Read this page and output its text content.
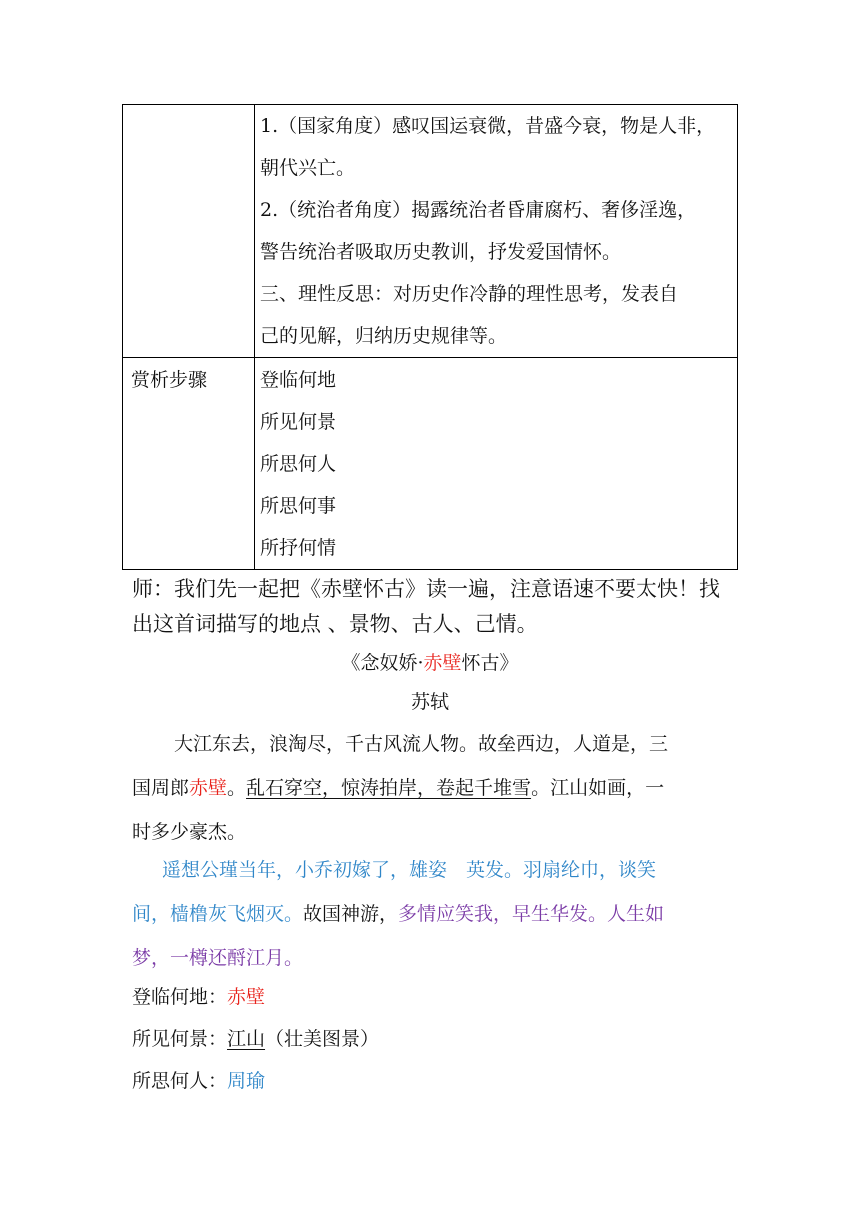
1.（国家角度）感叹国运衰微，昔盛今衰，物是人非，
朝代兴亡。
2.（统治者角度）揭露统治者昏庸腐朽、奢侈淫逸，
警告统治者吸取历史教训，抒发爱国情怀。
三、理性反思：对历史作冷静的理性思考，发表自
己的见解，归纳历史规律等。
赏析步骤	登临何地
所见何景
所思何人
所思何事
所抒何情
师：我们先一起把《赤壁怀古》读一遍，注意语速不要太快！找
出这首词描写的地点 、景物、古人、己情。
《念奴娇·赤壁怀古》
苏轼
大江东去，浪淘尽，千古风流人物。故垒西边，人道是，三
国周郎赤壁。乱石穿空，惊涛拍岸，卷起千堆雪。江山如画，一
时多少豪杰。
遥想公瑾当年，小乔初嫁了，雄姿　英发。羽扇纶巾，谈笑
间，樯橹灰飞烟灭。故国神游，多情应笑我，早生华发。人生如
梦，一樽还酹江月。
登临何地：赤壁
所见何景：江山（壮美图景）
所思何人：周瑜
